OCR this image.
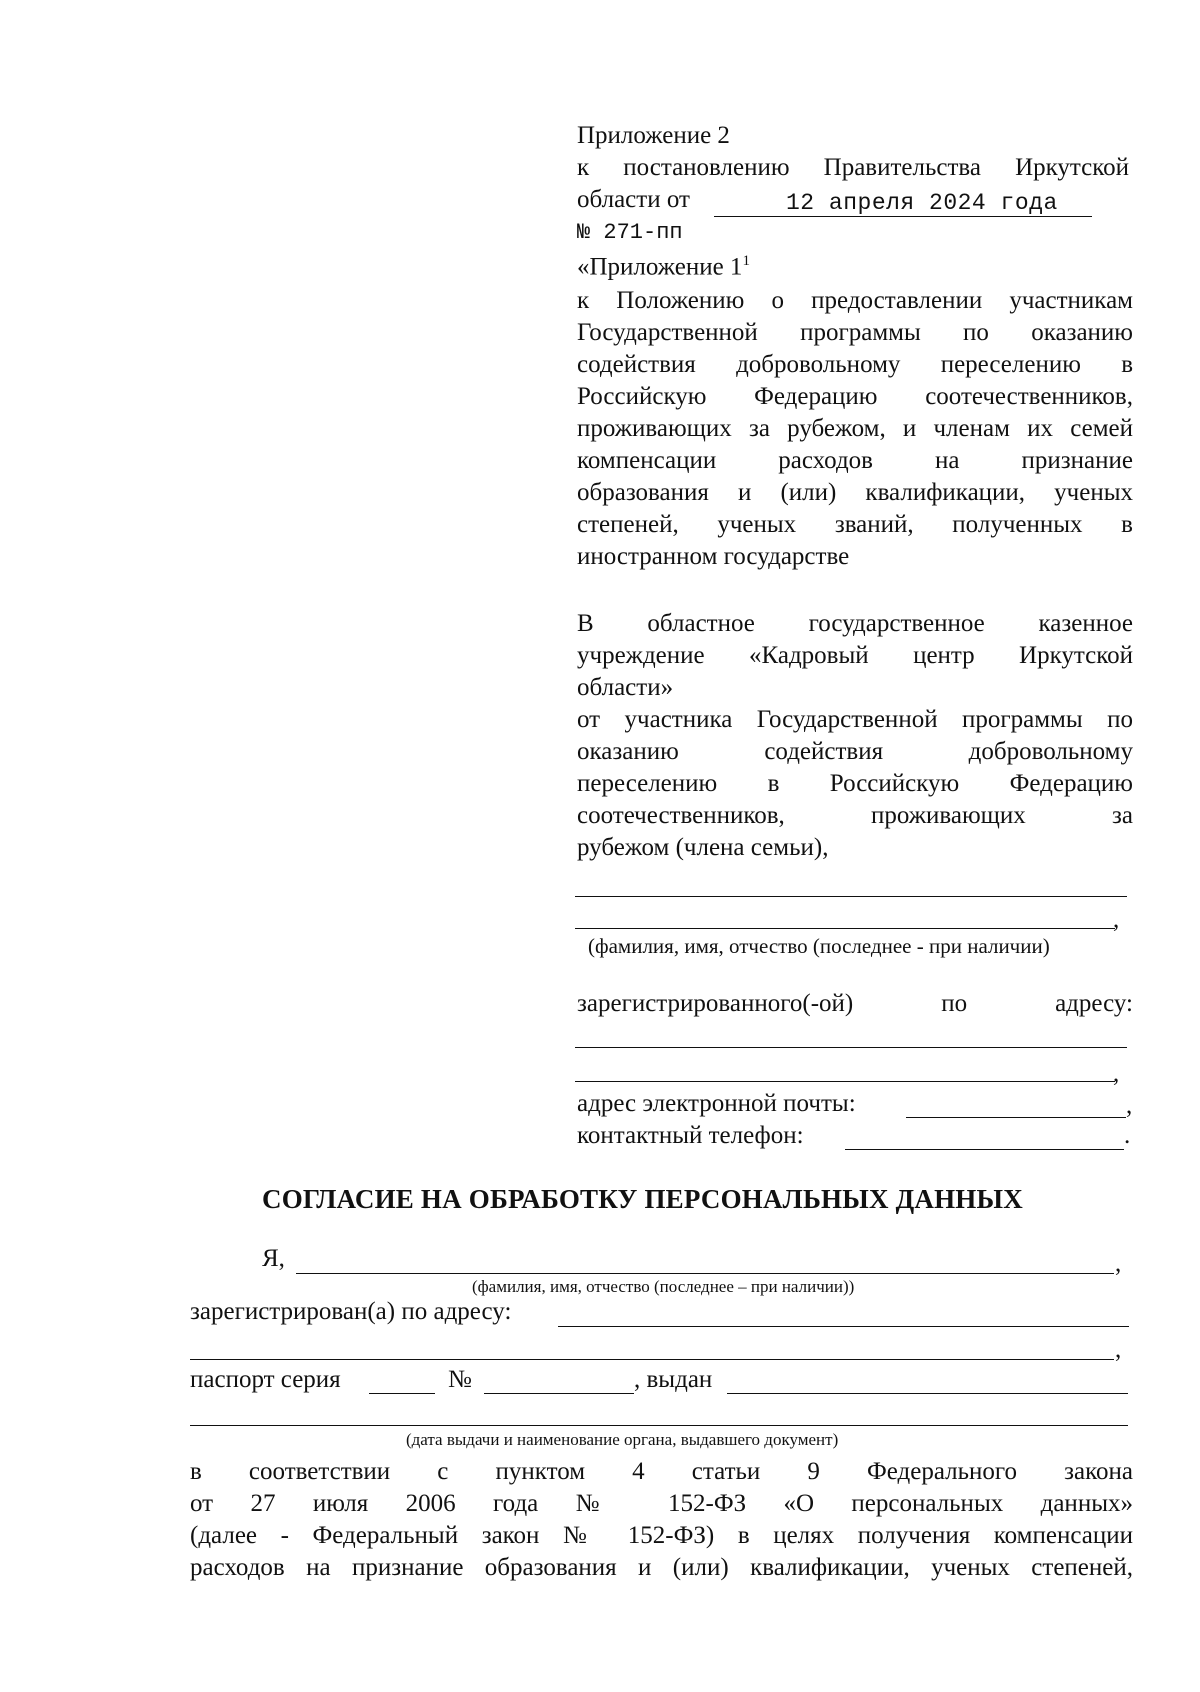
Приложение 2
к постановлению Правительства Иркутской
области от	12 апреля 2024 года
№ 271-пп
«Приложение $1^1$
к Положению о предоставлении участникам
Государственной программы по оказанию
содействия добровольному переселению в
Российскую Федерацию соотечественников,
проживающих за рубежом, и членам их семей
компенсации расходов на признание
образования и (или) квалификации, ученых
степеней, ученых званий, полученных в
иностранном государстве
В областное государственное казенное
учреждение «Кадровый центр Иркутской
области»
от участника Государственной программы по
оказанию содействия добровольному
переселению в Российскую Федерацию
соотечественников, проживающих за
рубежом (члена семьи),
,
(фамилия, имя, отчество (последнее - при наличии)
зарегистрированного(-ой) по адресу:
,
адрес электронной почты:	,
контактный телефон:	.
СОГЛАСИЕ НА ОБРАБОТКУ ПЕРСОНАЛЬНЫХ ДАННЫХ
Я,	,
(фамилия, имя, отчество (последнее – при наличии))
зарегистрирован(а) по адресу:
,
паспорт серия	№	, выдан
(дата выдачи и наименование органа, выдавшего документ)
в соответствии с пунктом 4 статьи 9 Федерального закона
от 27 июля 2006 года № 152-ФЗ «О персональных данных»
(далее - Федеральный закон № 152-ФЗ) в целях получения компенсации
расходов на признание образования и (или) квалификации, ученых степеней,
